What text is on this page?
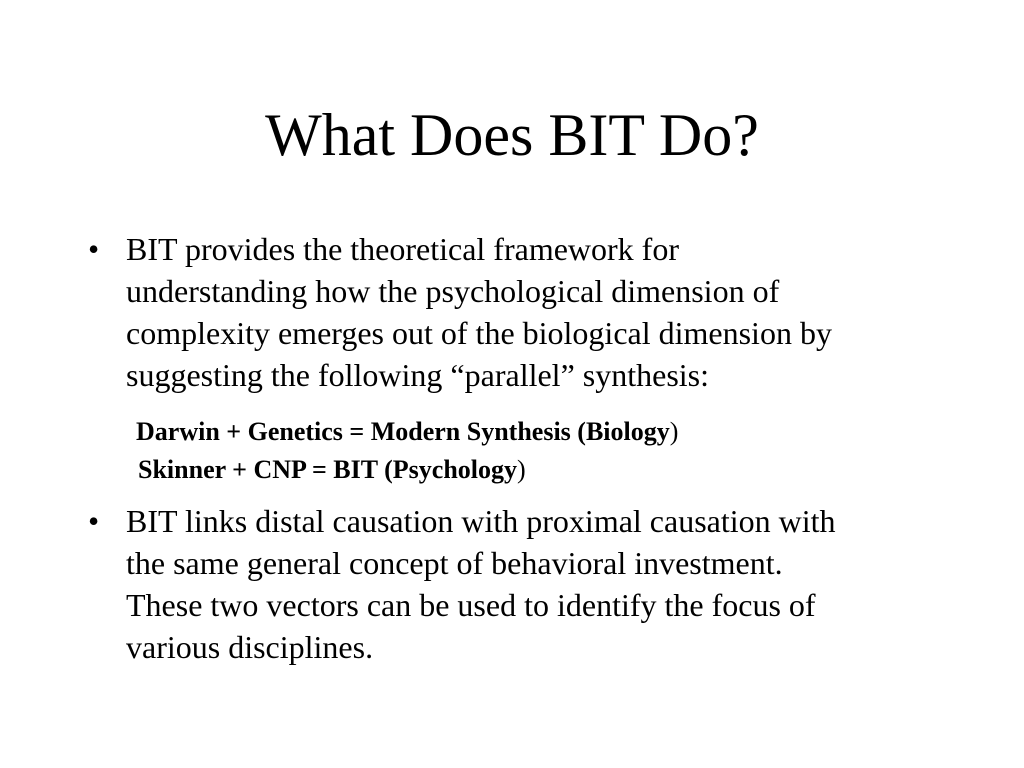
What Does BIT Do?
• BIT provides the theoretical framework for
understanding how the psychological dimension of
complexity emerges out of the biological dimension by
suggesting the following “parallel” synthesis:
Darwin + Genetics = Modern Synthesis (Biology)
Skinner + CNP = BIT (Psychology)
• BIT links distal causation with proximal causation with
the same general concept of behavioral investment.
These two vectors can be used to identify the focus of
various disciplines.
